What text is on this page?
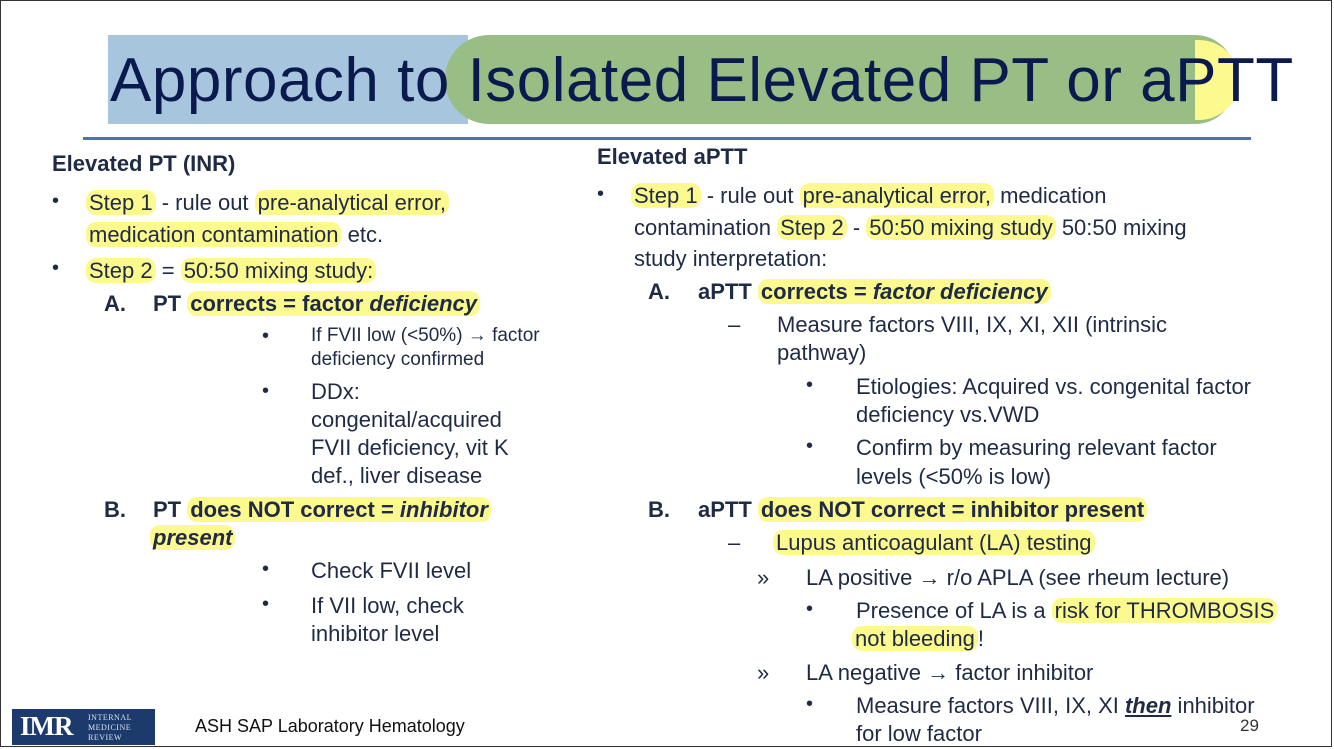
Approach to Isolated Elevated PT or aPTT
Elevated PT (INR)
• Step 1 - rule out pre-analytical error,
medication contamination etc.
• Step 2 = 50:50 mixing study:
A. PT corrects = factor deficiency
• If FVII low (<50%) → factor
deficiency confirmed
• DDx:
congenital/acquired
FVII deficiency, vit K
def., liver disease
B. PT does NOT correct = inhibitor
present
• Check FVII level
• If VII low, check
inhibitor level
Elevated aPTT
• Step 1 - rule out pre-analytical error, medication
contamination Step 2 - 50:50 mixing study 50:50 mixing
study interpretation:
A. aPTT corrects = factor deficiency
– Measure factors VIII, IX, XI, XII (intrinsic
pathway)
• Etiologies: Acquired vs. congenital factor
deficiency vs.VWD
• Confirm by measuring relevant factor
levels (<50% is low)
B. aPTT does NOT correct = inhibitor present
– Lupus anticoagulant (LA) testing
» LA positive → r/o APLA (see rheum lecture)
• Presence of LA is a risk for THROMBOSIS
not bleeding !
» LA negative → factor inhibitor
• Measure factors VIII, IX, XI then inhibitor
for low factor
IMR INTERNAL
MEDICINE
REVIEW
ASH SAP Laboratory Hematology	29
